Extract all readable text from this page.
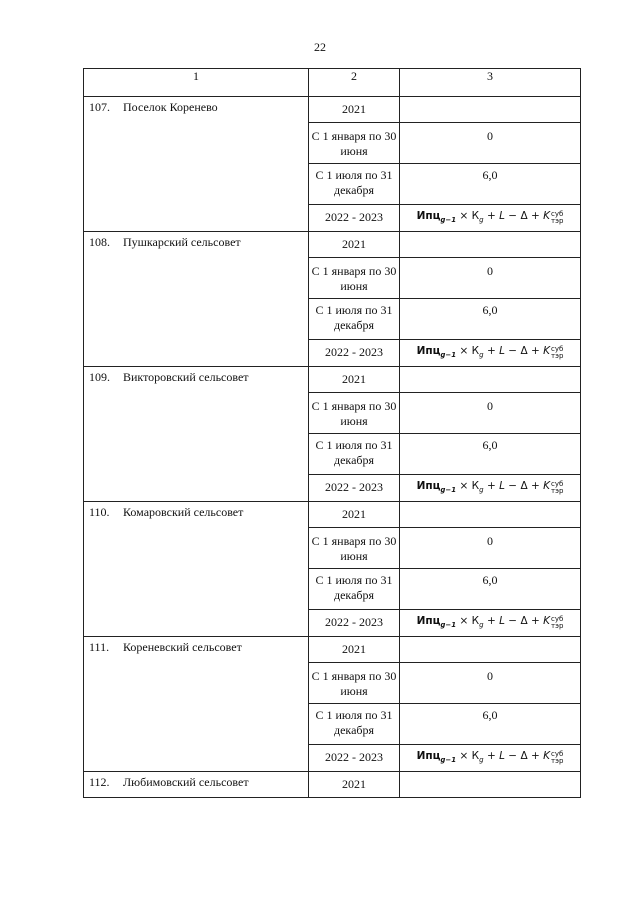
22
1	2	3
107. Поселок Коренево	2021	
	С 1 января по 30 июня	0
	С 1 июля по 31 декабря	6,0
	2022 - 2023	$Ипц_{g-1} \times К_g + L - \Delta + K$ суб
тэр

108. Пушкарский сельсовет	2021	
	С 1 января по 30 июня	0
	С 1 июля по 31 декабря	6,0
	2022 - 2023	$Ипц_{g-1} \times К_g + L - \Delta + K$ суб
тэр

109. Викторовский сельсовет	2021	
	С 1 января по 30 июня	0
	С 1 июля по 31 декабря	6,0
	2022 - 2023	$Ипц_{g-1} \times К_g + L - \Delta + K$ суб
тэр

110. Комаровский сельсовет	2021	
	С 1 января по 30 июня	0
	С 1 июля по 31 декабря	6,0
	2022 - 2023	$Ипц_{g-1} \times К_g + L - \Delta + K$ суб
тэр

111. Кореневский сельсовет	2021	
	С 1 января по 30 июня	0
	С 1 июля по 31 декабря	6,0
	2022 - 2023	$Ипц_{g-1} \times К_g + L - \Delta + K$ суб
тэр

112. Любимовский сельсовет	2021	
